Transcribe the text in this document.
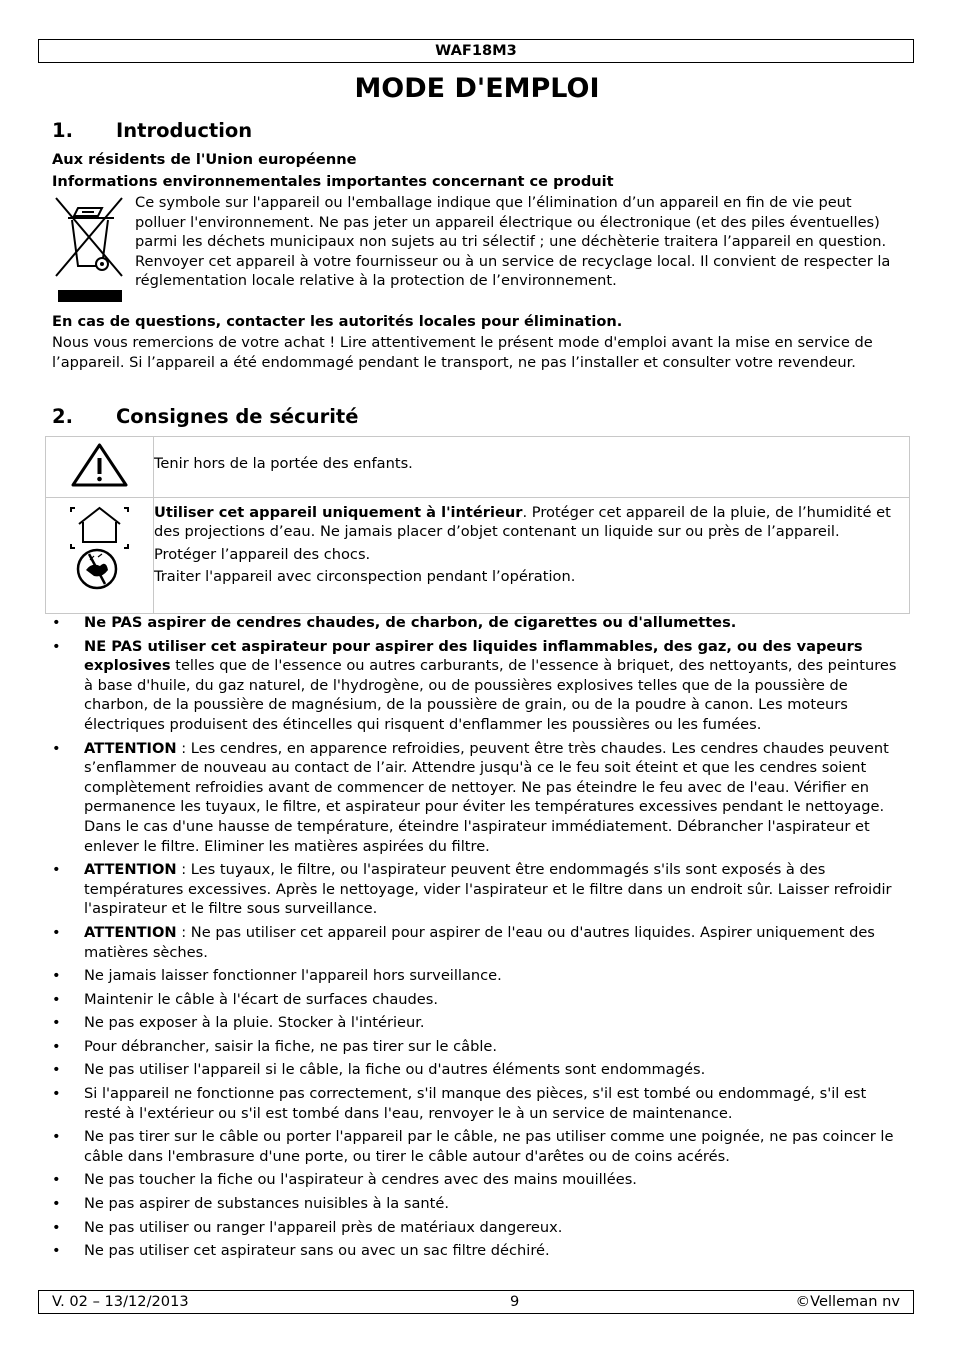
WAF18M3
MODE D'EMPLOI
1. Introduction

Aux résidents de l'Union européenne

Informations environnementales importantes concernant ce produit

Ce symbole sur l'appareil ou l'emballage indique que l’élimination d’un appareil en fin de vie peut polluer l'environnement. Ne pas jeter un appareil électrique ou électronique (et des piles éventuelles) parmi les déchets municipaux non sujets au tri sélectif ; une déchèterie traitera l’appareil en question. Renvoyer cet appareil à votre fournisseur ou à un service de recyclage local. Il convient de respecter la réglementation locale relative à la protection de l’environnement.

En cas de questions, contacter les autorités locales pour élimination.

Nous vous remercions de votre achat ! Lire attentivement le présent mode d'emploi avant la mise en service de l’appareil. Si l’appareil a été endommagé pendant le transport, ne pas l’installer et consulter votre revendeur.

2. Consignes de sécurité

Tenir hors de la portée des enfants.

Utiliser cet appareil uniquement à l'intérieur. Protéger cet appareil de la pluie, de l’humidité et des projections d’eau. Ne jamais placer d’objet contenant un liquide sur ou près de l’appareil.

Protéger l’appareil des chocs.

Traiter l'appareil avec circonspection pendant l’opération.

• Ne PAS aspirer de cendres chaudes, de charbon, de cigarettes ou d'allumettes.
• NE PAS utiliser cet aspirateur pour aspirer des liquides inflammables, des gaz, ou des vapeurs explosives telles que de l'essence ou autres carburants, de l'essence à briquet, des nettoyants, des peintures à base d'huile, du gaz naturel, de l'hydrogène, ou de poussières explosives telles que de la poussière de charbon, de la poussière de magnésium, de la poussière de grain, ou de la poudre à canon. Les moteurs électriques produisent des étincelles qui risquent d'enflammer les poussières ou les fumées.
• ATTENTION : Les cendres, en apparence refroidies, peuvent être très chaudes. Les cendres chaudes peuvent s’enflammer de nouveau au contact de l’air. Attendre jusqu'à ce le feu soit éteint et que les cendres soient complètement refroidies avant de commencer de nettoyer. Ne pas éteindre le feu avec de l'eau. Vérifier en permanence les tuyaux, le filtre, et aspirateur pour éviter les températures excessives pendant le nettoyage. Dans le cas d'une hausse de température, éteindre l'aspirateur immédiatement. Débrancher l'aspirateur et enlever le filtre. Eliminer les matières aspirées du filtre.
• ATTENTION : Les tuyaux, le filtre, ou l'aspirateur peuvent être endommagés s'ils sont exposés à des températures excessives. Après le nettoyage, vider l'aspirateur et le filtre dans un endroit sûr. Laisser refroidir l'aspirateur et le filtre sous surveillance.
• ATTENTION : Ne pas utiliser cet appareil pour aspirer de l'eau ou d'autres liquides. Aspirer uniquement des matières sèches.
• Ne jamais laisser fonctionner l'appareil hors surveillance.
• Maintenir le câble à l'écart de surfaces chaudes.
• Ne pas exposer à la pluie. Stocker à l'intérieur.
• Pour débrancher, saisir la fiche, ne pas tirer sur le câble.
• Ne pas utiliser l'appareil si le câble, la fiche ou d'autres éléments sont endommagés.
• Si l'appareil ne fonctionne pas correctement, s'il manque des pièces, s'il est tombé ou endommagé, s'il est resté à l'extérieur ou s'il est tombé dans l'eau, renvoyer le à un service de maintenance.
• Ne pas tirer sur le câble ou porter l'appareil par le câble, ne pas utiliser comme une poignée, ne pas coincer le câble dans l'embrasure d'une porte, ou tirer le câble autour d'arêtes ou de coins acérés.
• Ne pas toucher la fiche ou l'aspirateur à cendres avec des mains mouillées.
• Ne pas aspirer de substances nuisibles à la santé.
• Ne pas utiliser ou ranger l'appareil près de matériaux dangereux.
• Ne pas utiliser cet aspirateur sans ou avec un sac filtre déchiré.
V. 02 – 13/12/2013	9	©Velleman nv
